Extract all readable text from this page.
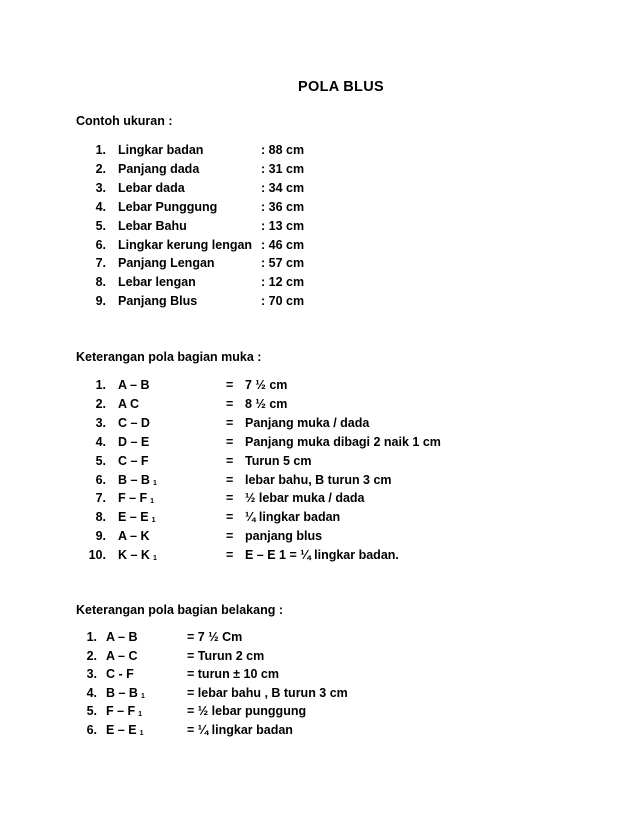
POLA BLUS
Contoh ukuran :
1. Lingkar badan	: 88 cm
2. Panjang dada	: 31 cm
3. Lebar dada	: 34 cm
4. Lebar Punggung	: 36 cm
5. Lebar Bahu	: 13 cm
6. Lingkar kerung lengan : 46 cm
7. Panjang Lengan	: 57 cm
8. Lebar lengan	: 12 cm
9. Panjang Blus	: 70 cm
Keterangan pola bagian muka :
1. A – B	= 7 ½ cm
2. A C	= 8 ½ cm
3. C – D	= Panjang muka / dada
4. D – E	= Panjang muka dibagi 2 naik 1 cm
5. C – F	= Turun 5 cm
6. B – B $_1$	= lebar bahu, B turun 3 cm
7. F – F $_1$	= ½ lebar muka / dada
8. E – E $_1$	= ¼ lingkar badan
9. A – K	= panjang blus
10. K – K $_1$	= E – E 1 = ¼ lingkar badan.
Keterangan pola bagian belakang :
1. A – B	= 7 ½ Cm
2. A – C	= Turun 2 cm
3. C - F	= turun ± 10 cm
4. B – B $_1$	= lebar bahu , B turun 3 cm
5. F – F $_1$	= ½ lebar punggung
6. E – E $_1$	= ¼ lingkar badan
